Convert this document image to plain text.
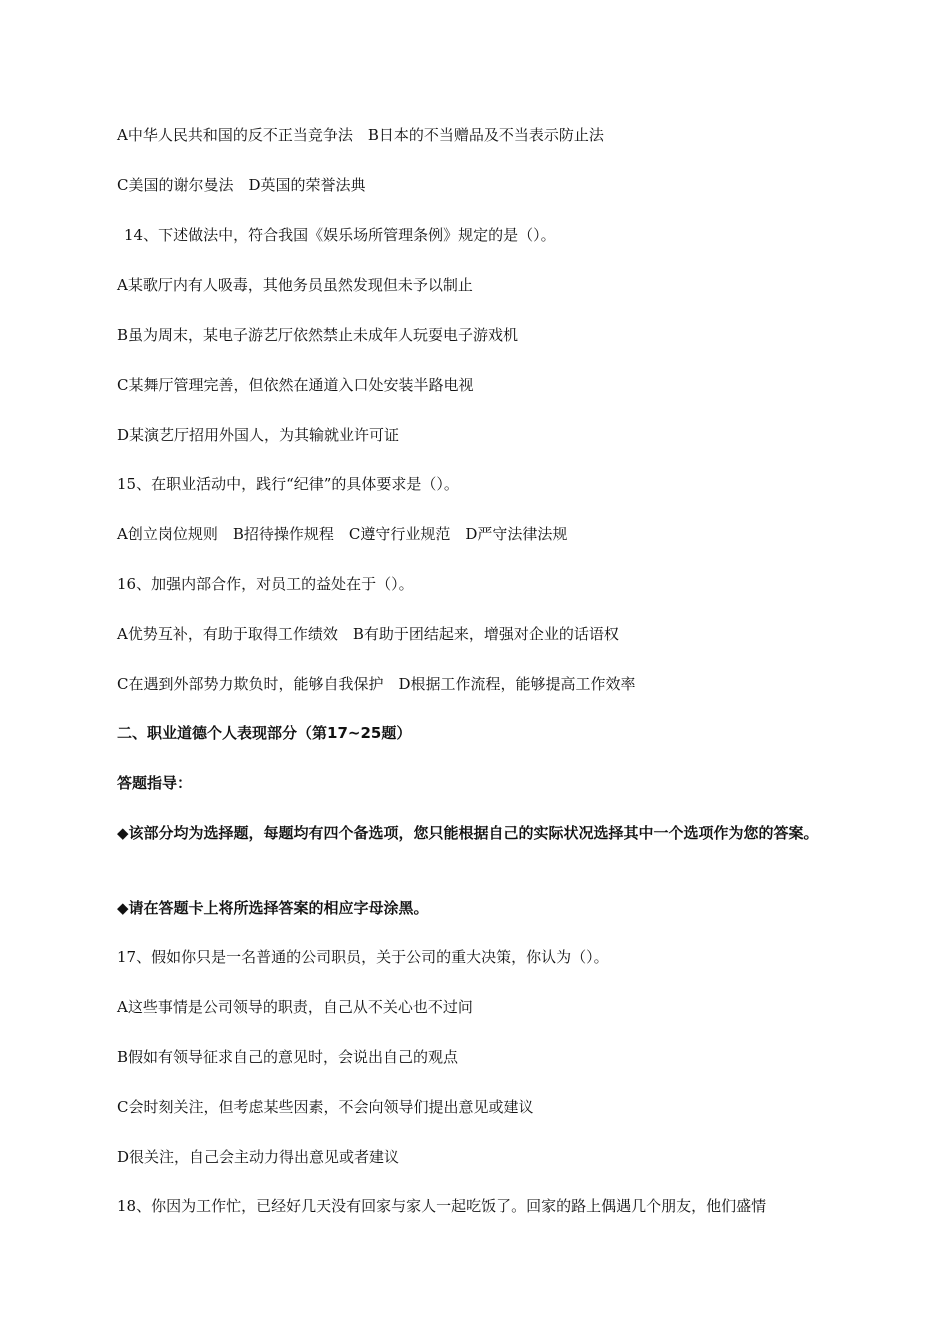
A中华人民共和国的反不正当竞争法　B日本的不当赠品及不当表示防止法
C美国的谢尔曼法　D英国的荣誉法典
14、下述做法中，符合我国《娱乐场所管理条例》规定的是（）。
A某歌厅内有人吸毒，其他务员虽然发现但未予以制止
B虽为周末，某电子游艺厅依然禁止未成年人玩耍电子游戏机
C某舞厅管理完善，但依然在通道入口处安装半路电视
D某演艺厅招用外国人，为其输就业许可证
15、在职业活动中，践行“纪律”的具体要求是（）。
A创立岗位规则　B招待操作规程　C遵守行业规范　D严守法律法规
16、加强内部合作，对员工的益处在于（）。
A优势互补，有助于取得工作绩效　B有助于团结起来，增强对企业的话语权
C在遇到外部势力欺负时，能够自我保护　D根据工作流程，能够提高工作效率
二、职业道德个人表现部分（第17~25题）
答题指导：
◆该部分均为选择题，每题均有四个备选项，您只能根据自己的实际状况选择其中一个选项作为您的答案。
◆请在答题卡上将所选择答案的相应字母涂黑。
17、假如你只是一名普通的公司职员，关于公司的重大决策，你认为（）。
A这些事情是公司领导的职责，自己从不关心也不过问
B假如有领导征求自己的意见时，会说出自己的观点
C会时刻关注，但考虑某些因素，不会向领导们提出意见或建议
D很关注，自己会主动力得出意见或者建议
18、你因为工作忙，已经好几天没有回家与家人一起吃饭了。回家的路上偶遇几个朋友，他们盛情
